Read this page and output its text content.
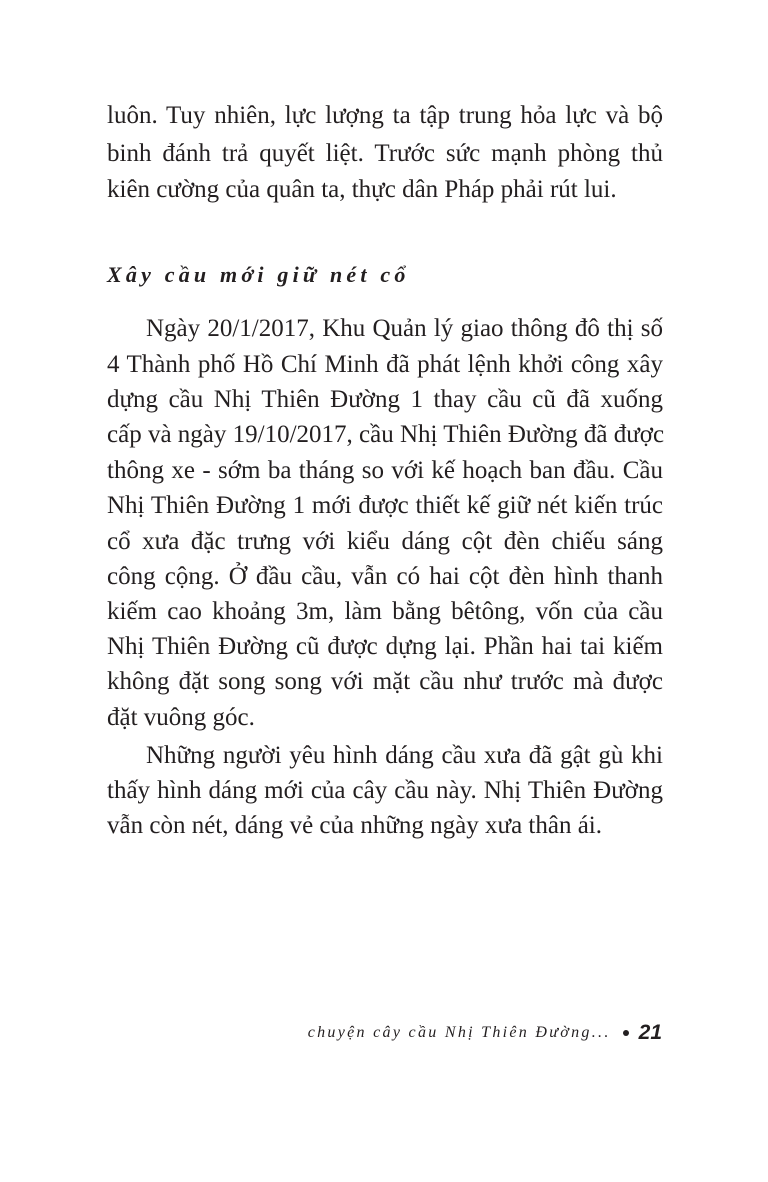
luôn. Tuy nhiên, lực lượng ta tập trung hỏa lực và bộ
binh đánh trả quyết liệt. Trước sức mạnh phòng thủ
kiên cường của quân ta, thực dân Pháp phải rút lui.
Xây cầu mới giữ nét cổ
Ngày 20/1/2017, Khu Quản lý giao thông đô thị số
4 Thành phố Hồ Chí Minh đã phát lệnh khởi công xây
dựng cầu Nhị Thiên Đường 1 thay cầu cũ đã xuống
cấp và ngày 19/10/2017, cầu Nhị Thiên Đường đã được
thông xe - sớm ba tháng so với kế hoạch ban đầu. Cầu
Nhị Thiên Đường 1 mới được thiết kế giữ nét kiến trúc
cổ xưa đặc trưng với kiểu dáng cột đèn chiếu sáng
công cộng. Ở đầu cầu, vẫn có hai cột đèn hình thanh
kiếm cao khoảng 3m, làm bằng bêtông, vốn của cầu
Nhị Thiên Đường cũ được dựng lại. Phần hai tai kiếm
không đặt song song với mặt cầu như trước mà được
đặt vuông góc.
Những người yêu hình dáng cầu xưa đã gật gù khi
thấy hình dáng mới của cây cầu này. Nhị Thiên Đường
vẫn còn nét, dáng vẻ của những ngày xưa thân ái.
chuyện cây cầu Nhị Thiên Đường... 21
